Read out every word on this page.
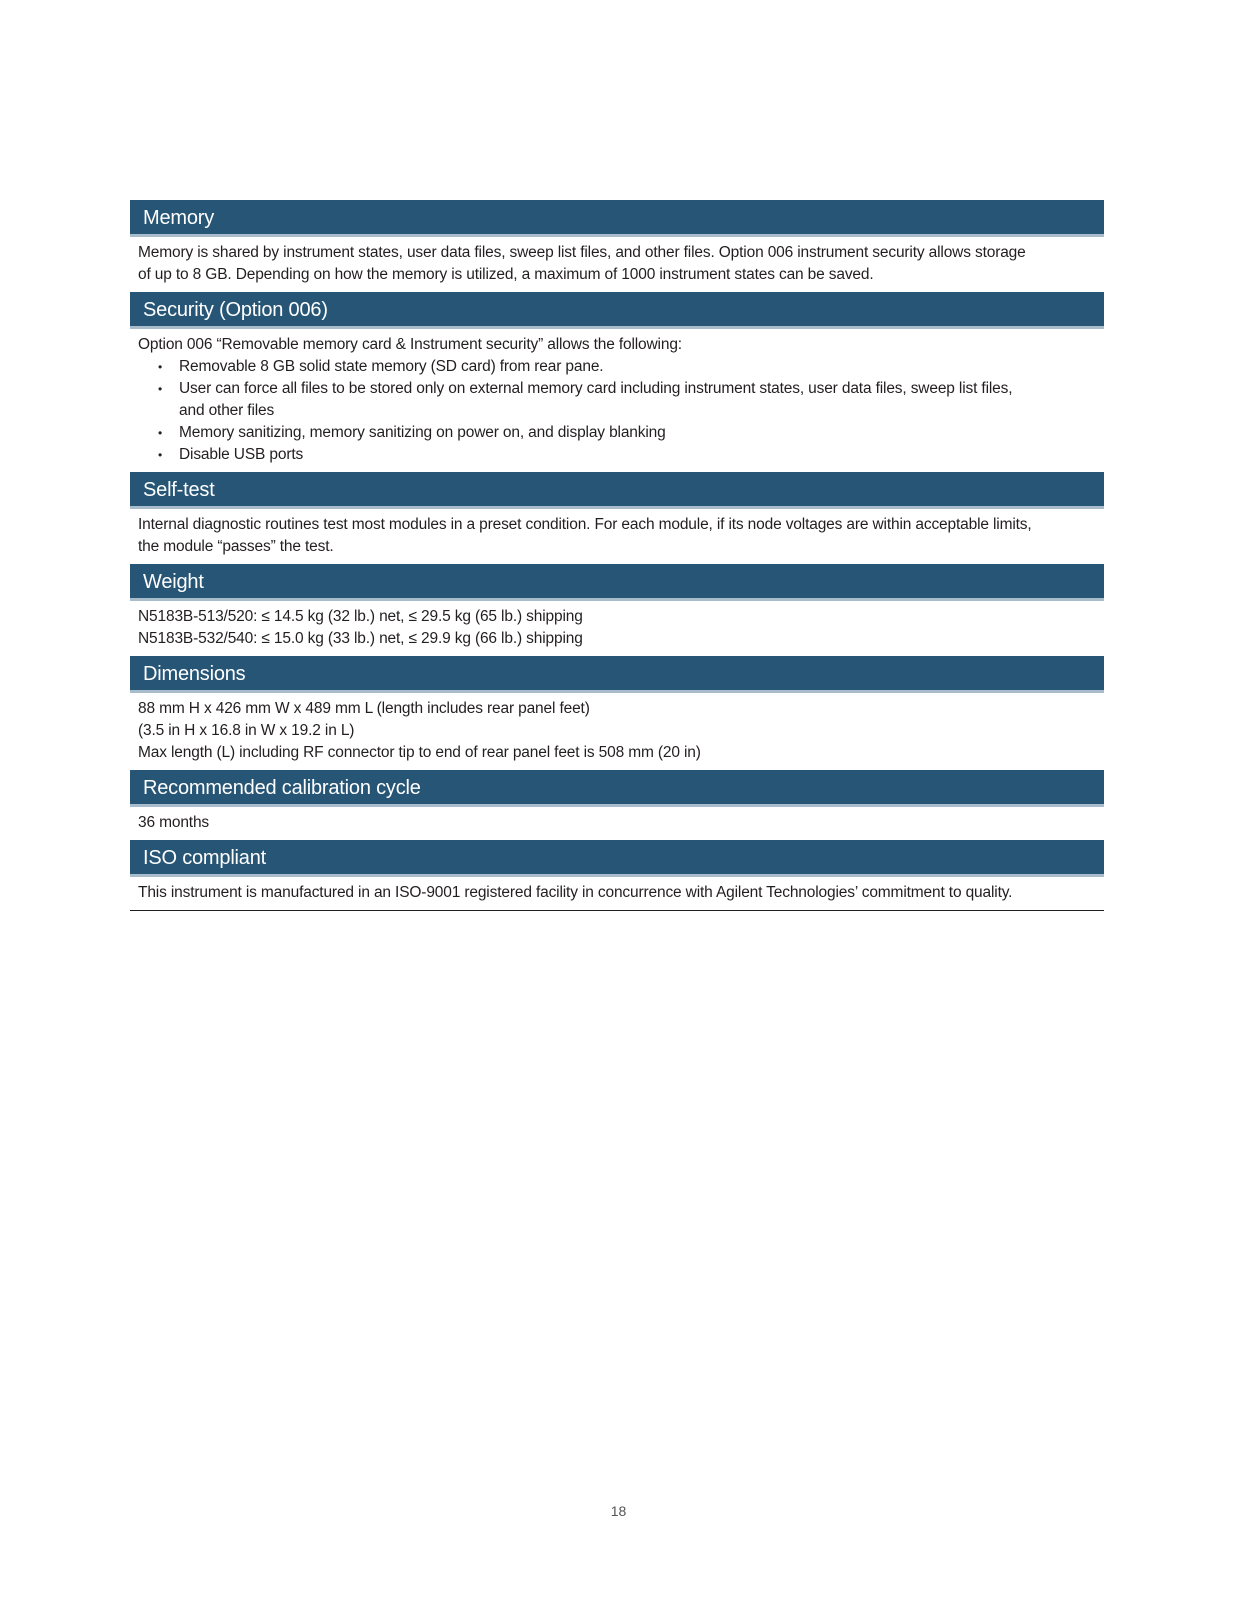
Memory

Memory is shared by instrument states, user data files, sweep list files, and other files. Option 006 instrument security allows storage

of up to 8 GB. Depending on how the memory is utilized, a maximum of 1000 instrument states can be saved.

Security (Option 006)

Option 006 “Removable memory card & Instrument security” allows the following:

• Removable 8 GB solid state memory (SD card) from rear pane.
• User can force all files to be stored only on external memory card including instrument states, user data files, sweep list files,
and other files
• Memory sanitizing, memory sanitizing on power on, and display blanking
• Disable USB ports
Self-test

Internal diagnostic routines test most modules in a preset condition. For each module, if its node voltages are within acceptable limits,

the module “passes” the test.

Weight

N5183B-513/520: ≤ 14.5 kg (32 lb.) net, ≤ 29.5 kg (65 lb.) shipping

N5183B-532/540: ≤ 15.0 kg (33 lb.) net, ≤ 29.9 kg (66 lb.) shipping

Dimensions

88 mm H x 426 mm W x 489 mm L (length includes rear panel feet)

(3.5 in H x 16.8 in W x 19.2 in L)

Max length (L) including RF connector tip to end of rear panel feet is 508 mm (20 in)

Recommended calibration cycle

36 months

ISO compliant

This instrument is manufactured in an ISO-9001 registered facility in concurrence with Agilent Technologies’ commitment to quality.

18
